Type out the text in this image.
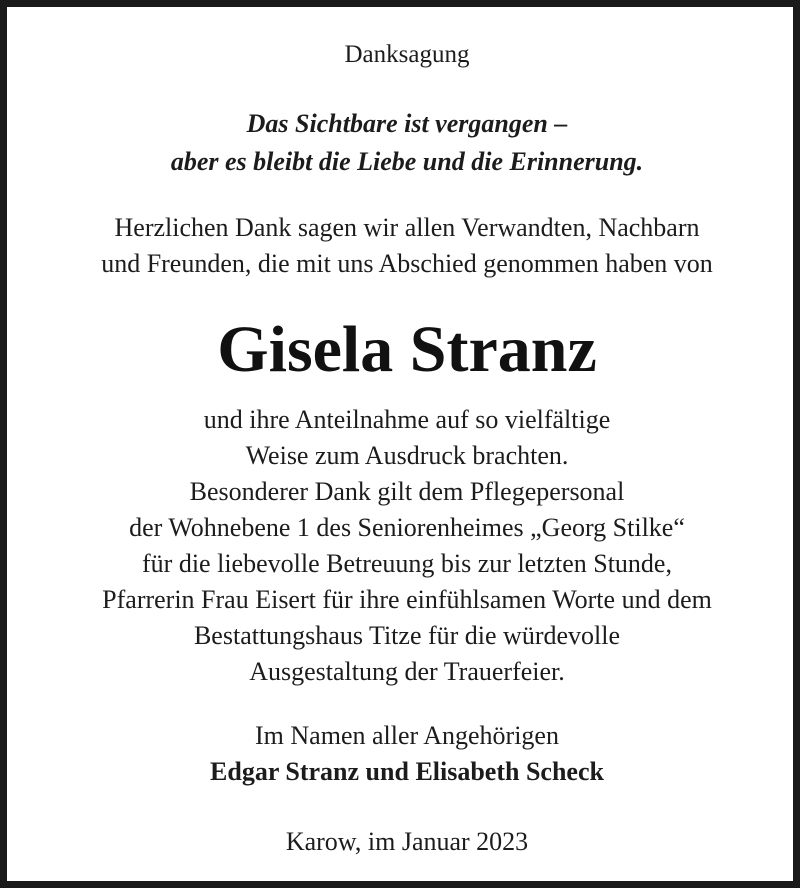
Danksagung
Das Sichtbare ist vergangen –
aber es bleibt die Liebe und die Erinnerung.
Herzlichen Dank sagen wir allen Verwandten, Nachbarn
und Freunden, die mit uns Abschied genommen haben von
Gisela Stranz
und ihre Anteilnahme auf so vielfältige
Weise zum Ausdruck brachten.
Besonderer Dank gilt dem Pflegepersonal
der Wohnebene 1 des Seniorenheimes „Georg Stilke“
für die liebevolle Betreuung bis zur letzten Stunde,
Pfarrerin Frau Eisert für ihre einfühlsamen Worte und dem
Bestattungshaus Titze für die würdevolle
Ausgestaltung der Trauerfeier.
Im Namen aller Angehörigen
Edgar Stranz und Elisabeth Scheck
Karow, im Januar 2023
